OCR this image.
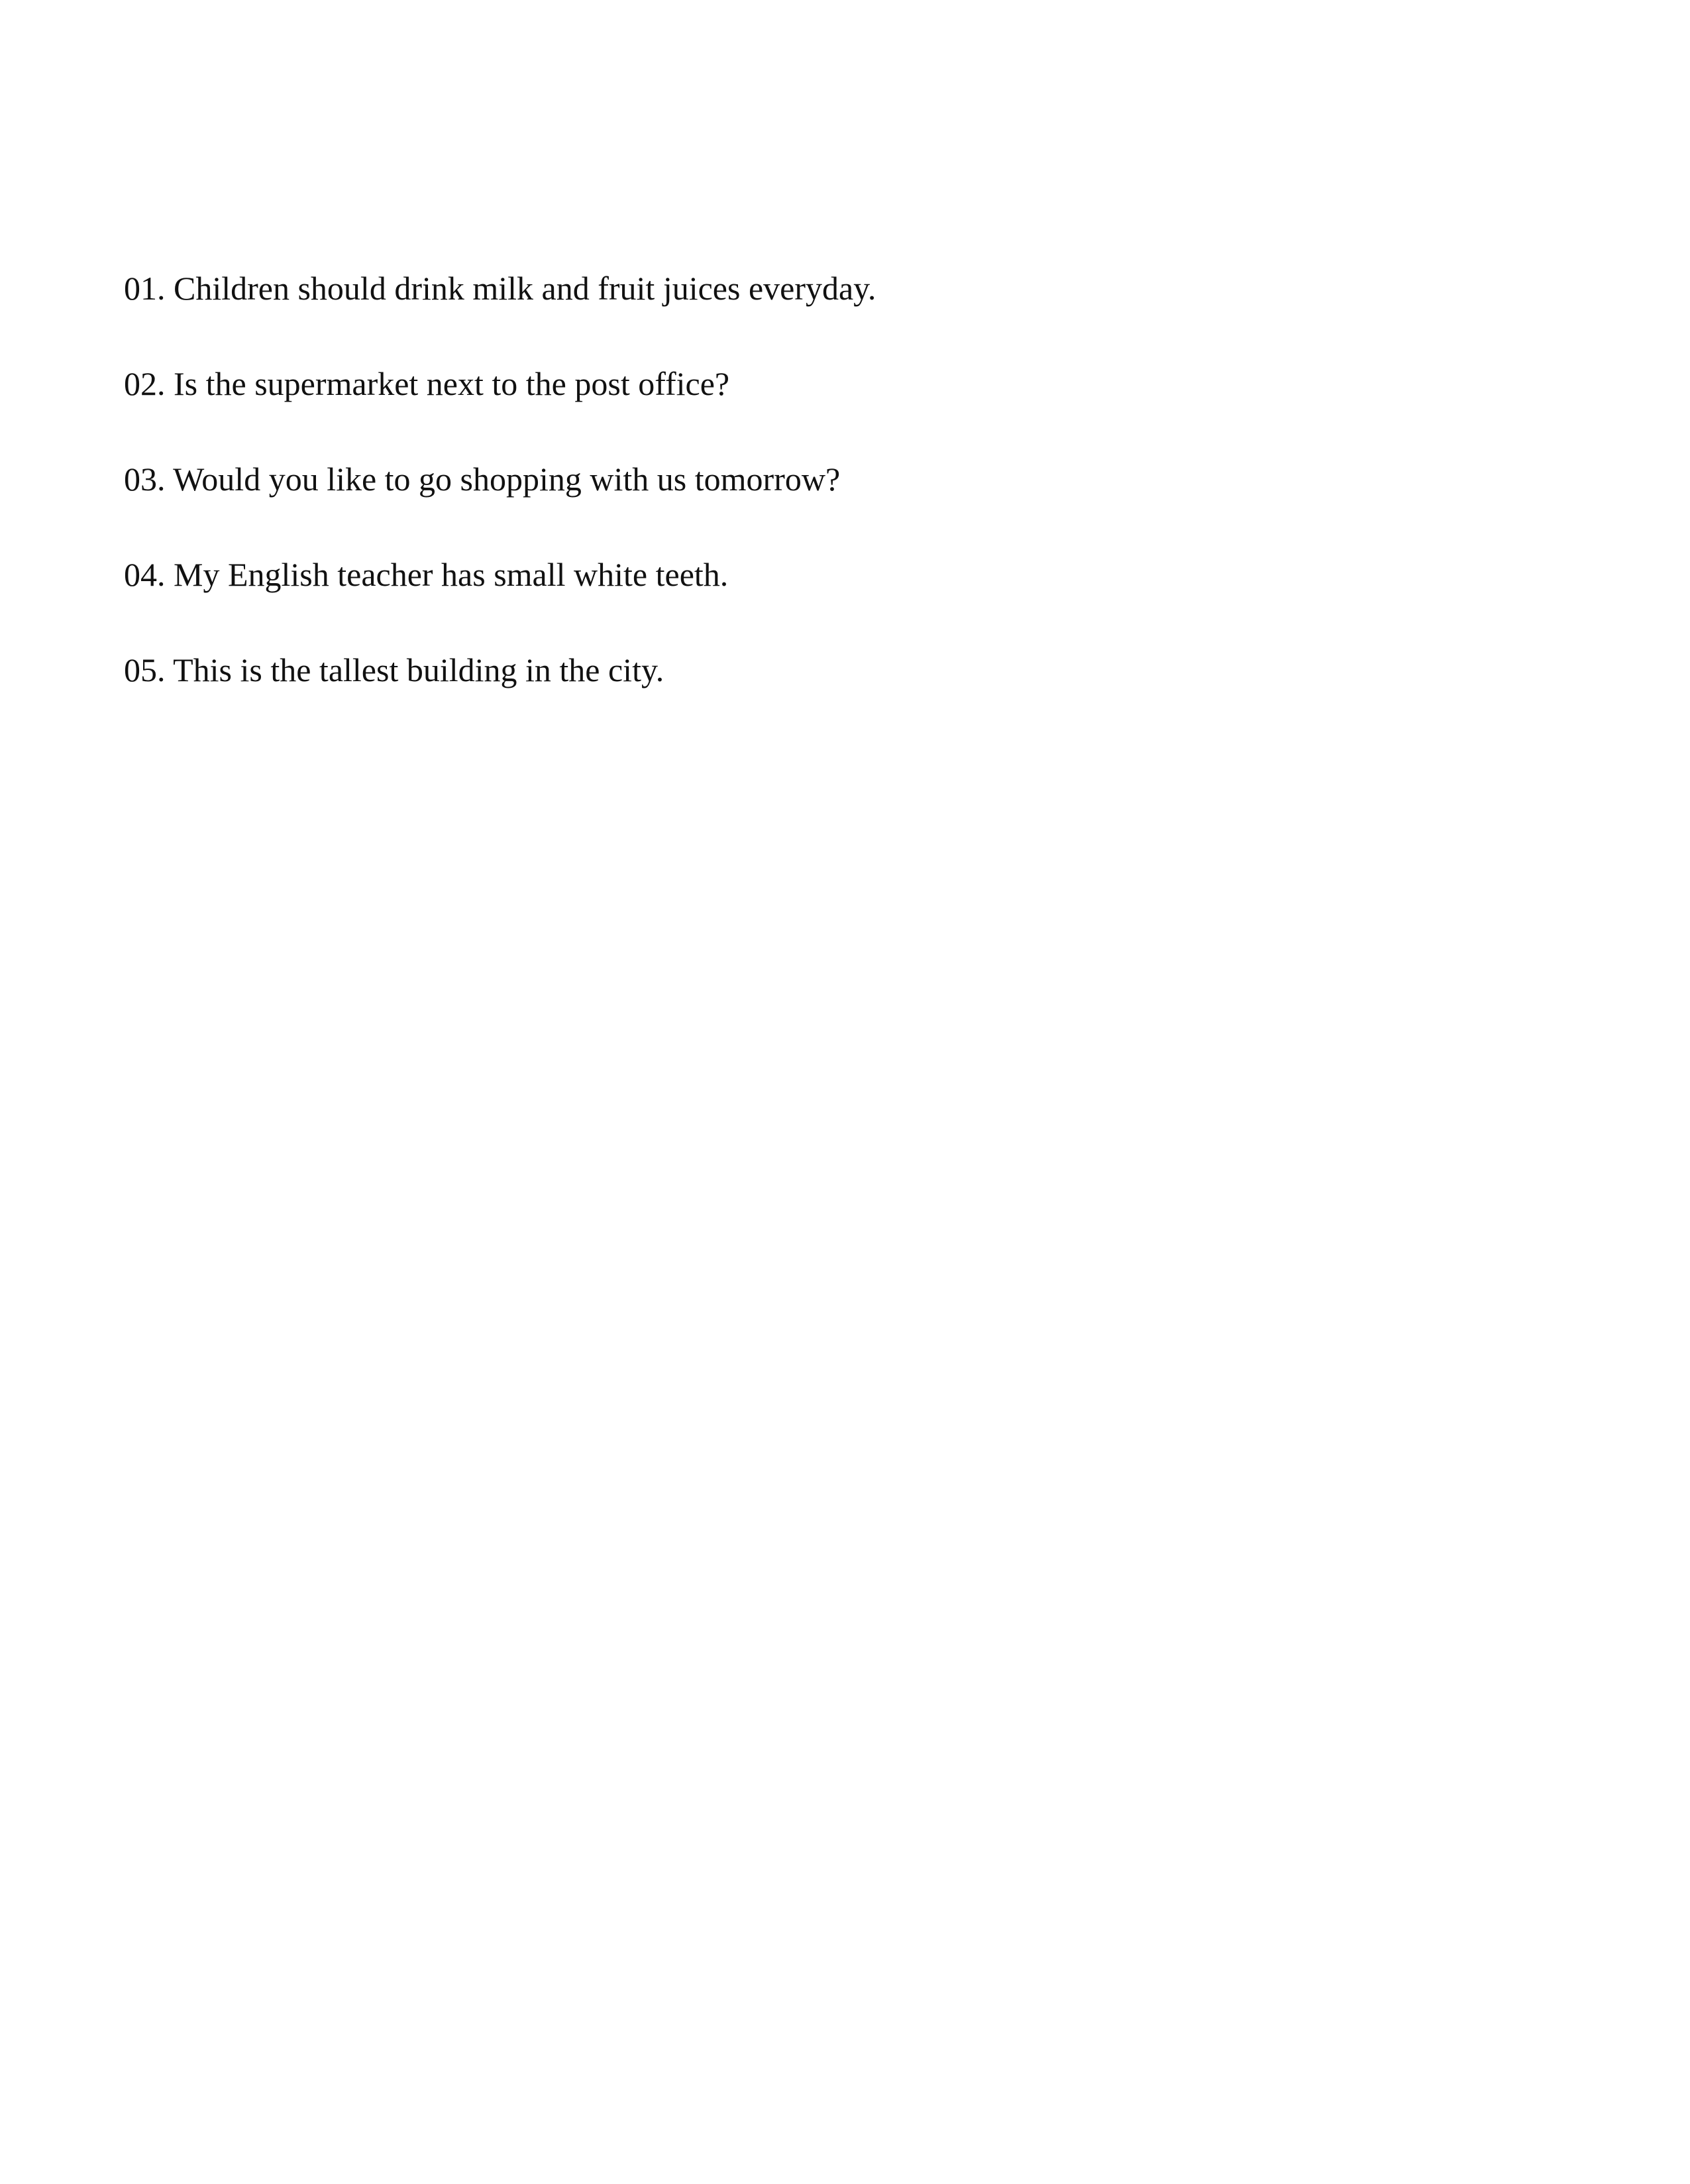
01. Children should drink milk and fruit juices everyday.
02. Is the supermarket next to the post office?
03. Would you like to go shopping with us tomorrow?
04. My English teacher has small white teeth.
05. This is the tallest building in the city.
